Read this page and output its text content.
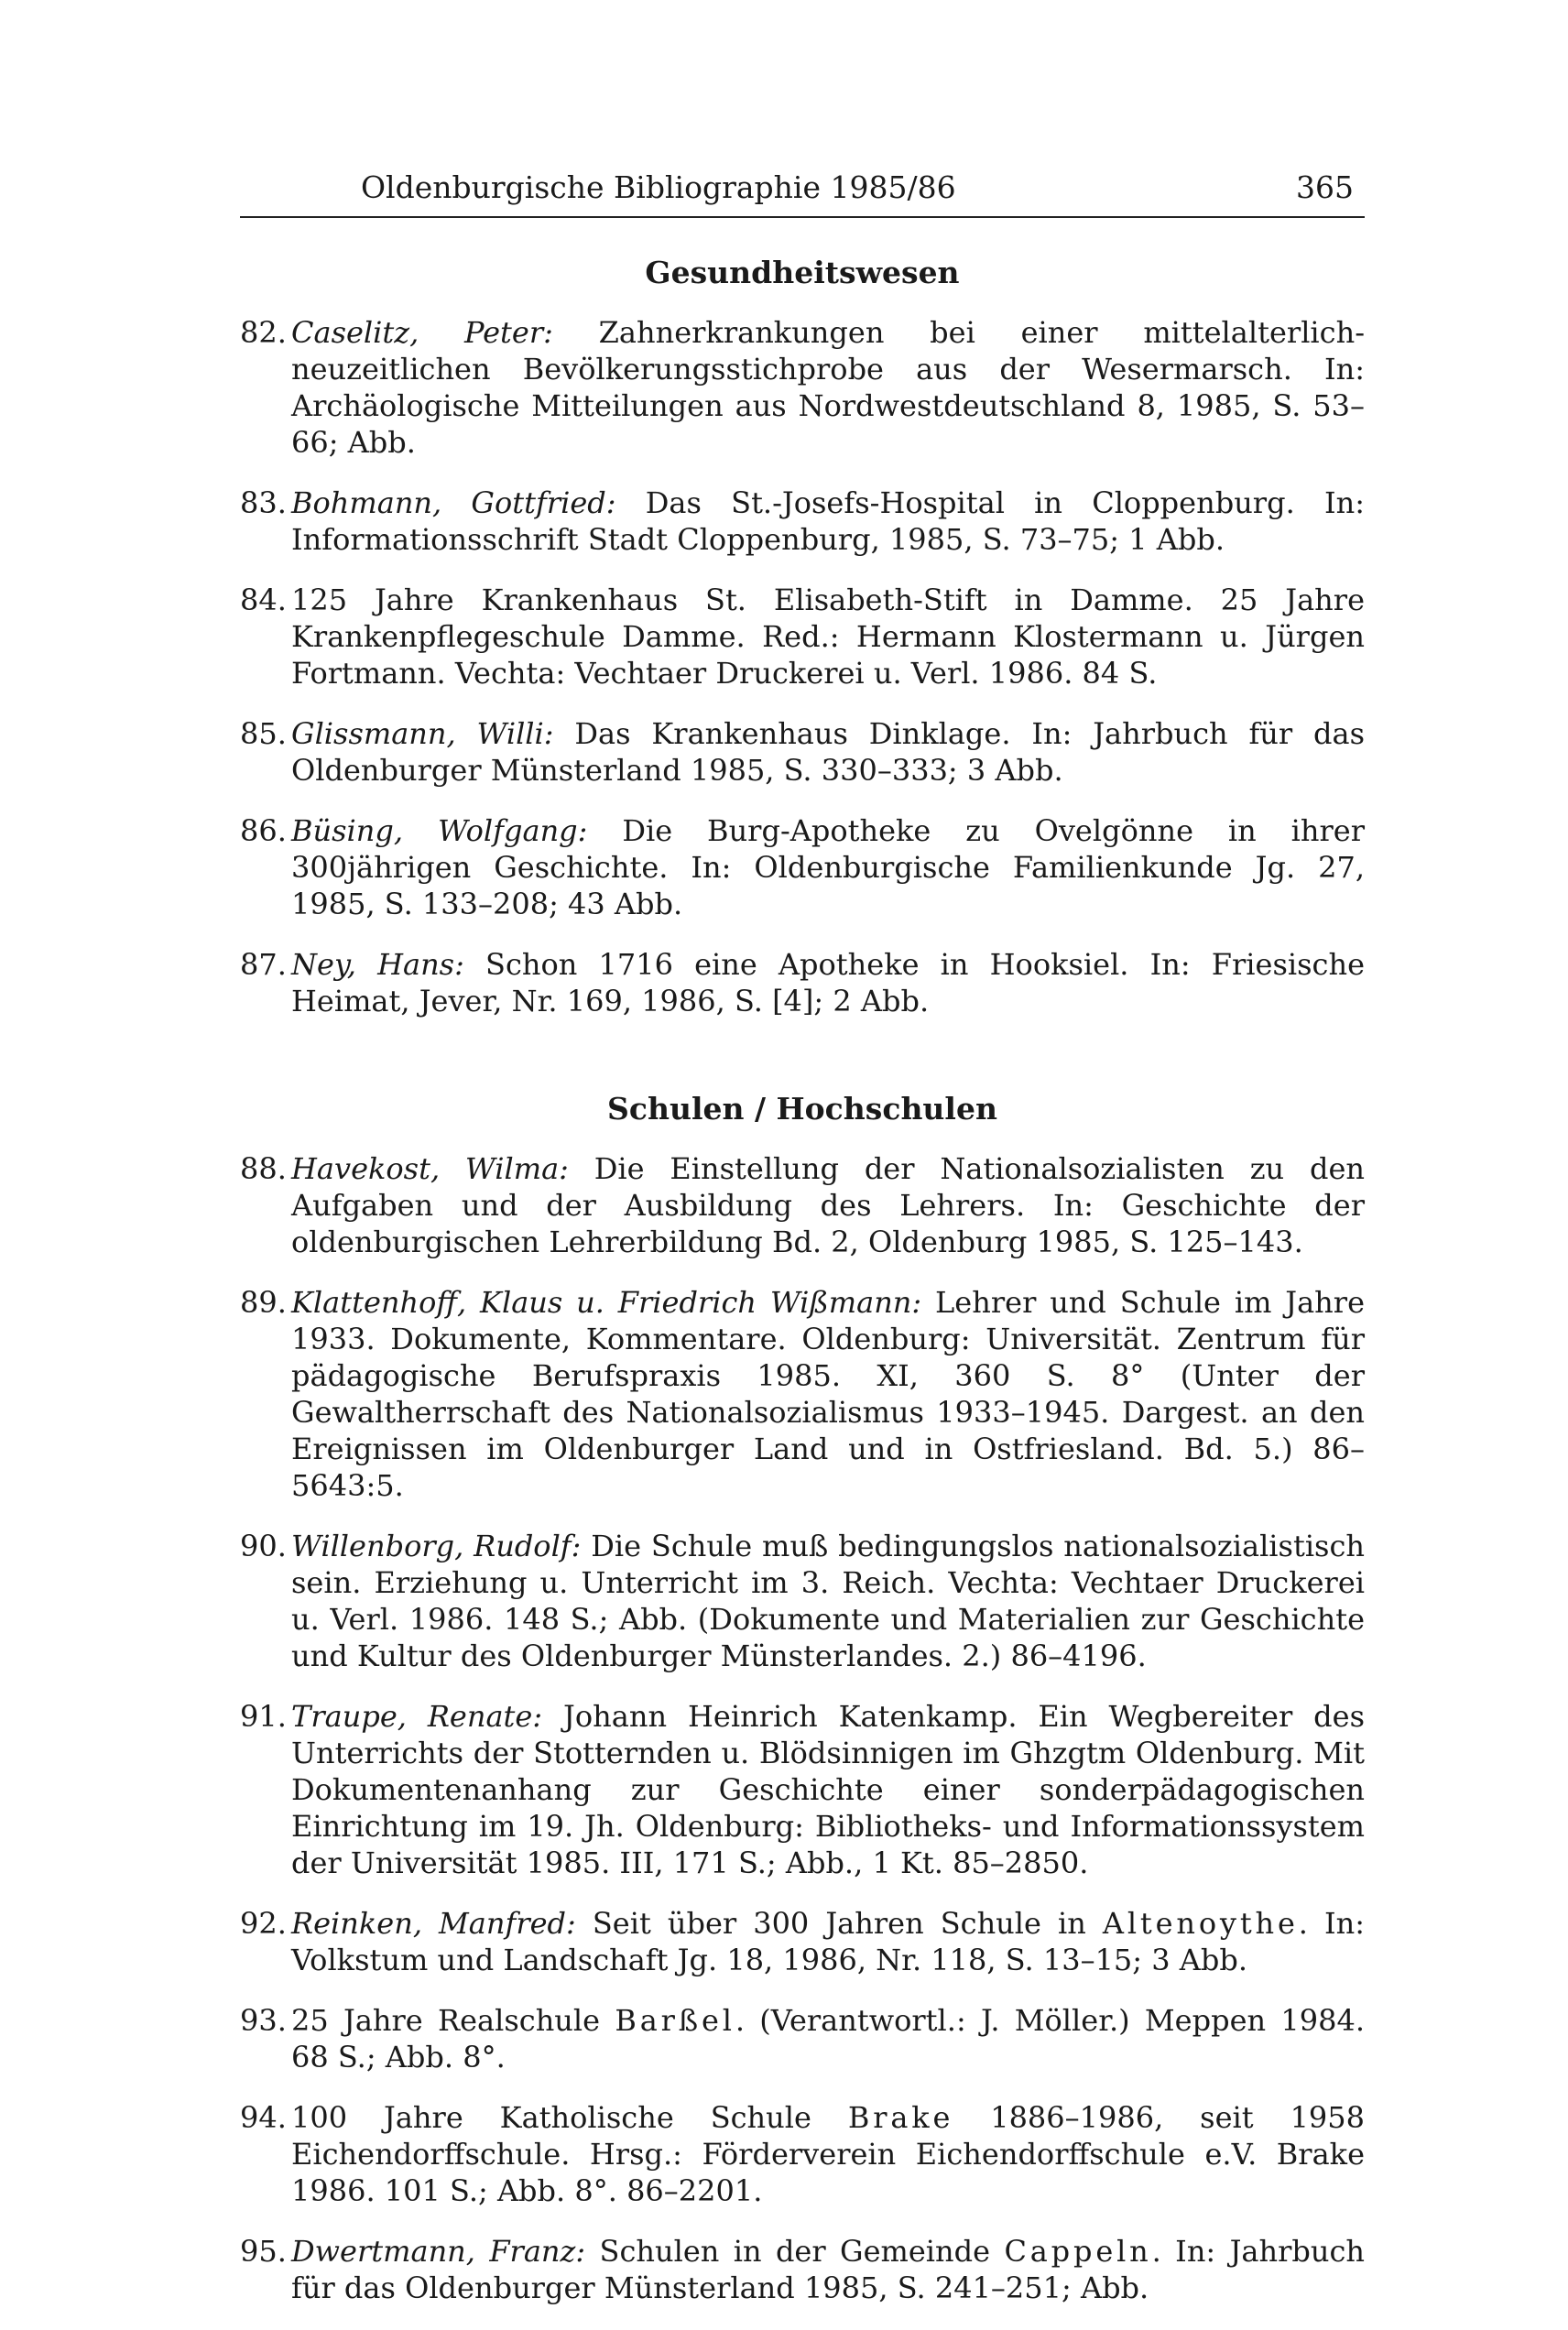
Oldenburgische Bibliographie 1985/86	365
Gesundheitswesen
82. Caselitz, Peter: Zahnerkrankungen bei einer mittelalterlich-neuzeitlichen Bevölkerungsstichprobe aus der Wesermarsch. In: Archäologische Mitteilungen aus Nordwestdeutschland 8, 1985, S. 53–66; Abb.
83. Bohmann, Gottfried: Das St.-Josefs-Hospital in Cloppenburg. In: Informationsschrift Stadt Cloppenburg, 1985, S. 73–75; 1 Abb.
84. 125 Jahre Krankenhaus St. Elisabeth-Stift in Damme. 25 Jahre Krankenpflegeschule Damme. Red.: Hermann Klostermann u. Jürgen Fortmann. Vechta: Vechtaer Druckerei u. Verl. 1986. 84 S.
85. Glissmann, Willi: Das Krankenhaus Dinklage. In: Jahrbuch für das Oldenburger Münsterland 1985, S. 330–333; 3 Abb.
86. Büsing, Wolfgang: Die Burg-Apotheke zu Ovelgönne in ihrer 300jährigen Geschichte. In: Oldenburgische Familienkunde Jg. 27, 1985, S. 133–208; 43 Abb.
87. Ney, Hans: Schon 1716 eine Apotheke in Hooksiel. In: Friesische Heimat, Jever, Nr. 169, 1986, S. [4]; 2 Abb.
Schulen / Hochschulen
88. Havekost, Wilma: Die Einstellung der Nationalsozialisten zu den Aufgaben und der Ausbildung des Lehrers. In: Geschichte der oldenburgischen Lehrerbildung Bd. 2, Oldenburg 1985, S. 125–143.
89. Klattenhoff, Klaus u. Friedrich Wißmann: Lehrer und Schule im Jahre 1933. Dokumente, Kommentare. Oldenburg: Universität. Zentrum für pädagogische Berufspraxis 1985. XI, 360 S. 8° (Unter der Gewaltherrschaft des Nationalsozialismus 1933–1945. Dargest. an den Ereignissen im Oldenburger Land und in Ostfriesland. Bd. 5.) 86–5643:5.
90. Willenborg, Rudolf: Die Schule muß bedingungslos nationalsozialistisch sein. Erziehung u. Unterricht im 3. Reich. Vechta: Vechtaer Druckerei u. Verl. 1986. 148 S.; Abb. (Dokumente und Materialien zur Geschichte und Kultur des Oldenburger Münsterlandes. 2.) 86–4196.
91. Traupe, Renate: Johann Heinrich Katenkamp. Ein Wegbereiter des Unterrichts der Stotternden u. Blödsinnigen im Ghzgtm Oldenburg. Mit Dokumentenanhang zur Geschichte einer sonderpädagogischen Einrichtung im 19. Jh. Oldenburg: Bibliotheks- und Informationssystem der Universität 1985. III, 171 S.; Abb., 1 Kt. 85–2850.
92. Reinken, Manfred: Seit über 300 Jahren Schule in Altenoythe. In: Volkstum und Landschaft Jg. 18, 1986, Nr. 118, S. 13–15; 3 Abb.
93. 25 Jahre Realschule Barßel. (Verantwortl.: J. Möller.) Meppen 1984. 68 S.; Abb. 8°.
94. 100 Jahre Katholische Schule Brake 1886–1986, seit 1958 Eichendorffschule. Hrsg.: Förderverein Eichendorffschule e.V. Brake 1986. 101 S.; Abb. 8°. 86–2201.
95. Dwertmann, Franz: Schulen in der Gemeinde Cappeln. In: Jahrbuch für das Oldenburger Münsterland 1985, S. 241–251; Abb.
